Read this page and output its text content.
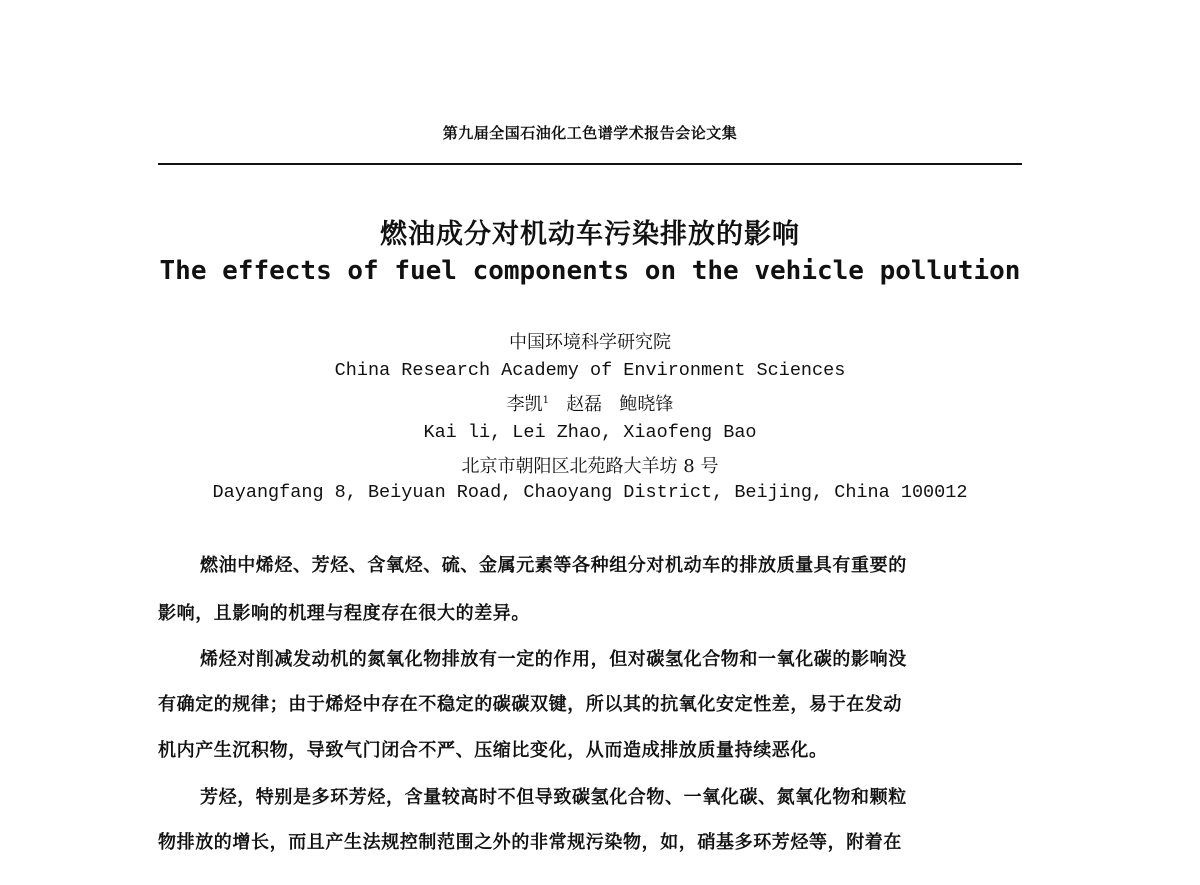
第九届全国石油化工色谱学术报告会论文集
燃油成分对机动车污染排放的影响
The effects of fuel components on the vehicle pollution
中国环境科学研究院
China Research Academy of Environment Sciences
李凯$^1$ 赵磊 鲍晓锋
Kai li, Lei Zhao, Xiaofeng Bao
北京市朝阳区北苑路大羊坊 8 号
Dayangfang 8, Beiyuan Road, Chaoyang District, Beijing, China 100012
燃油中烯烃、芳烃、含氧烃、硫、金属元素等各种组分对机动车的排放质量具有重要的
影响，且影响的机理与程度存在很大的差异。
烯烃对削减发动机的氮氧化物排放有一定的作用，但对碳氢化合物和一氧化碳的影响没
有确定的规律；由于烯烃中存在不稳定的碳碳双键，所以其的抗氧化安定性差，易于在发动
机内产生沉积物，导致气门闭合不严、压缩比变化，从而造成排放质量持续恶化。
芳烃，特别是多环芳烃，含量较高时不但导致碳氢化合物、一氧化碳、氮氧化物和颗粒
物排放的增长，而且产生法规控制范围之外的非常规污染物，如，硝基多环芳烃等，附着在
